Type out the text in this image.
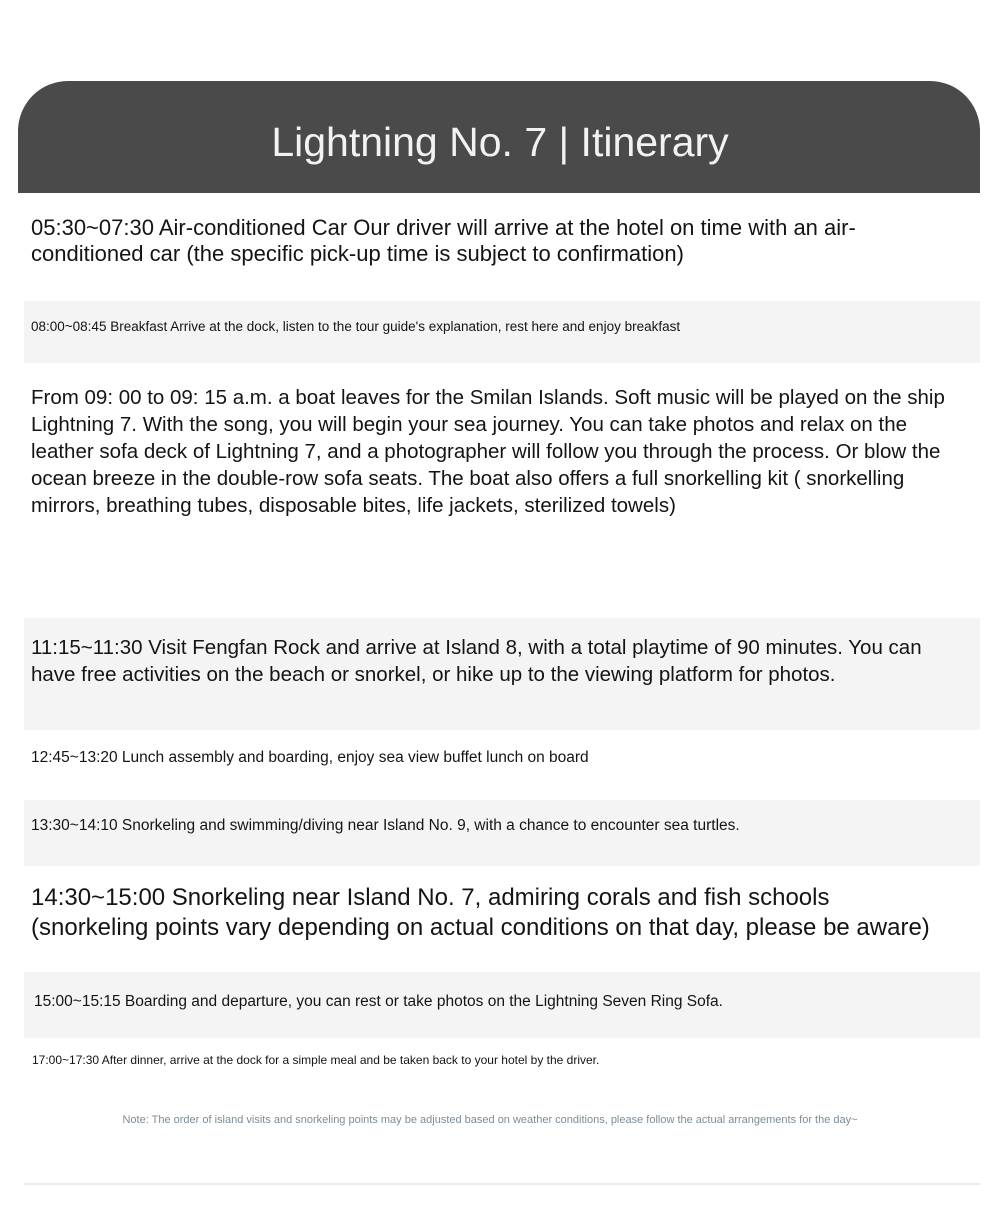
Lightning No. 7 | Itinerary

05:30~07:30 Air-conditioned Car Our driver will arrive at the hotel on time with an air-conditioned car (the specific pick-up time is subject to confirmation)

08:00~08:45 Breakfast Arrive at the dock, listen to the tour guide's explanation, rest here and enjoy breakfast

From 09: 00 to 09: 15 a.m. a boat leaves for the Smilan Islands. Soft music will be played on the ship Lightning 7. With the song, you will begin your sea journey. You can take photos and relax on the leather sofa deck of Lightning 7, and a photographer will follow you through the process. Or blow the ocean breeze in the double-row sofa seats. The boat also offers a full snorkelling kit ( snorkelling mirrors, breathing tubes, disposable bites, life jackets, sterilized towels)

11:15~11:30 Visit Fengfan Rock and arrive at Island 8, with a total playtime of 90 minutes. You can have free activities on the beach or snorkel, or hike up to the viewing platform for photos.

12:45~13:20 Lunch assembly and boarding, enjoy sea view buffet lunch on board

13:30~14:10 Snorkeling and swimming/diving near Island No. 9, with a chance to encounter sea turtles.

14:30~15:00 Snorkeling near Island No. 7, admiring corals and fish schools (snorkeling points vary depending on actual conditions on that day, please be aware)

15:00~15:15 Boarding and departure, you can rest or take photos on the Lightning Seven Ring Sofa.

17:00~17:30 After dinner, arrive at the dock for a simple meal and be taken back to your hotel by the driver.

Note: The order of island visits and snorkeling points may be adjusted based on weather conditions, please follow the actual arrangements for the day~
